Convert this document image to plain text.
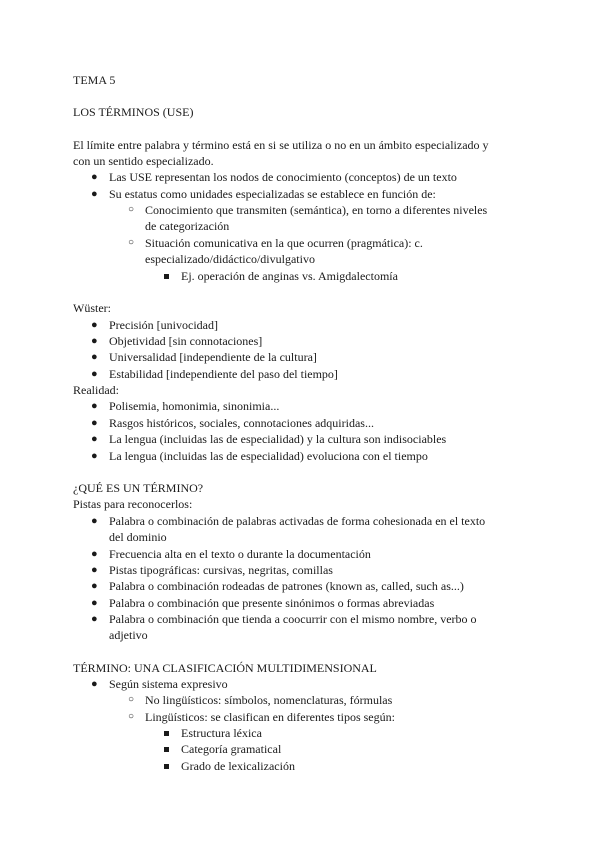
TEMA 5
LOS TÉRMINOS (USE)
El límite entre palabra y término está en si se utiliza o no en un ámbito especializado y
con un sentido especializado.
● Las USE representan los nodos de conocimiento (conceptos) de un texto
● Su estatus como unidades especializadas se establece en función de:
○ Conocimiento que transmiten (semántica), en torno a diferentes niveles
de categorización
○ Situación comunicativa en la que ocurren (pragmática): c.
especializado/didáctico/divulgativo
Ej. operación de anginas vs. Amigdalectomía
Wüster:
● Precisión [univocidad]
● Objetividad [sin connotaciones]
● Universalidad [independiente de la cultura]
● Estabilidad [independiente del paso del tiempo]
Realidad:
● Polisemia, homonimia, sinonimia...
● Rasgos históricos, sociales, connotaciones adquiridas...
● La lengua (incluidas las de especialidad) y la cultura son indisociables
● La lengua (incluidas las de especialidad) evoluciona con el tiempo
¿QUÉ ES UN TÉRMINO?
Pistas para reconocerlos:
● Palabra o combinación de palabras activadas de forma cohesionada en el texto
del dominio
● Frecuencia alta en el texto o durante la documentación
● Pistas tipográficas: cursivas, negritas, comillas
● Palabra o combinación rodeadas de patrones (known as, called, such as...)
● Palabra o combinación que presente sinónimos o formas abreviadas
● Palabra o combinación que tienda a coocurrir con el mismo nombre, verbo o
adjetivo
TÉRMINO: UNA CLASIFICACIÓN MULTIDIMENSIONAL
● Según sistema expresivo
○ No lingüísticos: símbolos, nomenclaturas, fórmulas
○ Lingüísticos: se clasifican en diferentes tipos según:
Estructura léxica
Categoría gramatical
Grado de lexicalización
